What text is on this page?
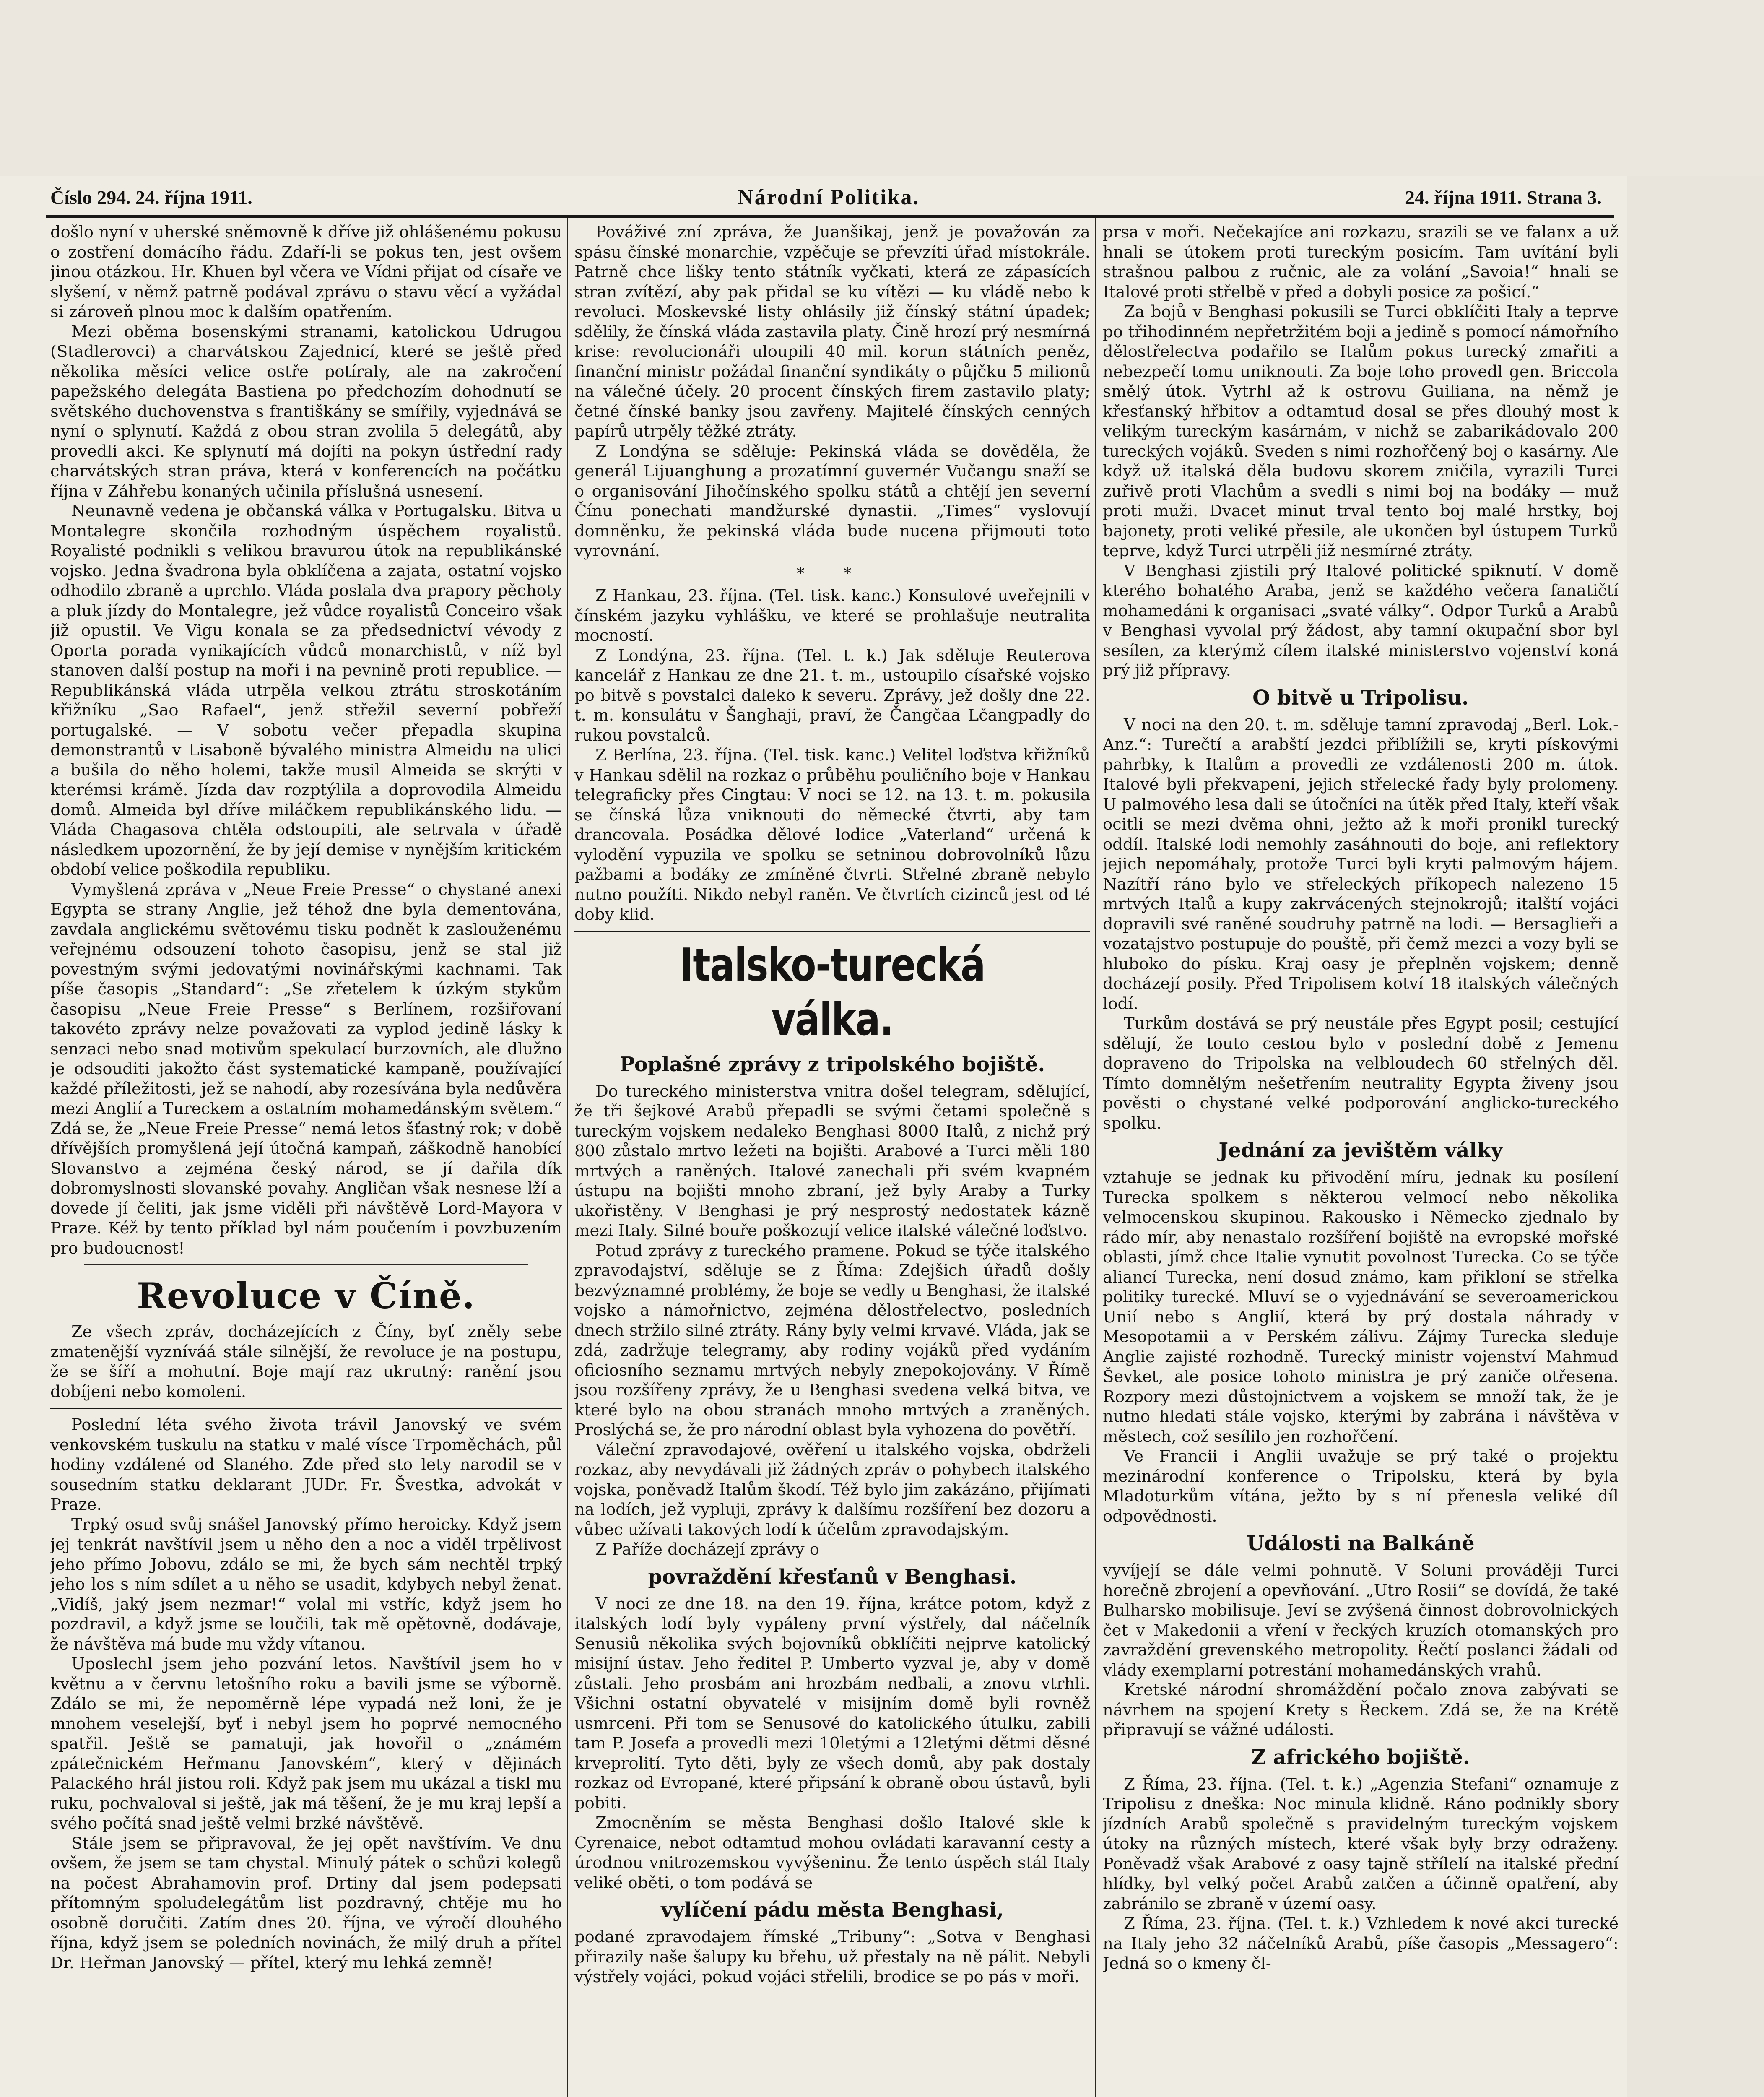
Číslo 294. 24. října 1911.	Národní Politika.	24. října 1911. Strana 3.

došlo nyní v uherské sněmovně k dříve již ohlášenému pokusu o zostření domácího řádu. Zdaří-li se pokus ten, jest ovšem jinou otázkou. Hr. Khuen byl včera ve Vídni přijat od císaře ve slyšení, v němž patrně podával zprávu o stavu věcí a vyžádal si zároveň plnou moc k dalším opatřením.

Mezi oběma bosenskými stranami, katolickou Udrugou (Stadlerovci) a charvátskou Zajednicí, které se ještě před několika měsíci velice ostře potíraly, ale na zakročení papežského delegáta Bastiena po předchozím dohodnutí se světského duchovenstva s františkány se smířily, vyjednává se nyní o splynutí. Každá z obou stran zvolila 5 delegátů, aby provedli akci. Ke splynutí má dojíti na pokyn ústřední rady charvátských stran práva, která v konferencích na počátku října v Záhřebu konaných učinila příslušná usnesení.

Neunavně vedena je občanská válka v Portugalsku. Bitva u Montalegre skončila rozhodným úspěchem royalistů. Royalisté podnikli s velikou bravurou útok na republikánské vojsko. Jedna švadrona byla obklíčena a zajata, ostatní vojsko odhodilo zbraně a uprchlo. Vláda poslala dva prapory pěchoty a pluk jízdy do Montalegre, jež vůdce royalistů Conceiro však již opustil. Ve Vigu konala se za předsednictví vévody z Oporta porada vynikajících vůdců monarchistů, v níž byl stanoven další postup na moři i na pevnině proti republice. — Republikánská vláda utrpěla velkou ztrátu stroskotáním křižníku „Sao Rafael“, jenž střežil severní pobřeží portugalské. — V sobotu večer přepadla skupina demonstrantů v Lisaboně bývalého ministra Almeidu na ulici a bušila do něho holemi, takže musil Almeida se skrýti v kterémsi krámě. Jízda dav rozptýlila a doprovodila Almeidu domů. Almeida byl dříve miláčkem republikánského lidu. — Vláda Chagasova chtěla odstoupiti, ale setrvala v úřadě následkem upozornění, že by její demise v nynějším kritickém období velice poškodila republiku.

Vymyšlená zpráva v „Neue Freie Presse“ o chystané anexi Egypta se strany Anglie, jež téhož dne byla dementována, zavdala anglickému světovému tisku podnět k zaslouženému veřejnému odsouzení tohoto časopisu, jenž se stal již povestným svými jedovatými novinářskými kachnami. Tak píše časopis „Standard“: „Se zřetelem k úzkým stykům časopisu „Neue Freie Presse“ s Berlínem, rozšiřovaní takovéto zprávy nelze považovati za vyplod jedině lásky k senzaci nebo snad motivům spekulací burzovních, ale dlužno je odsouditi jakožto část systematické kampaně, používající každé příležitosti, jež se nahodí, aby rozesívána byla nedůvěra mezi Anglií a Tureckem a ostatním mohamedánským světem.“ Zdá se, že „Neue Freie Presse“ nemá letos šťastný rok; v době dřívějších promyšlená její útočná kampaň, záškodně hanobící Slovanstvo a zejména český národ, se jí dařila dík dobromyslnosti slovanské povahy. Angličan však nesnese lží a dovede jí čeliti, jak jsme viděli při návštěvě Lord-Mayora v Praze. Kéž by tento příklad byl nám poučením i povzbuzením pro budoucnost!

Revoluce v Číně.

Ze všech zpráv, docházejících z Číny, byť zněly sebe zmatenější vyzníváá stále silnější, že revoluce je na postupu, že se šíří a mohutní. Boje mají raz ukrutný: ranění jsou dobíjeni nebo komoleni.

Poslední léta svého života trávil Janovský ve svém venkovském tuskulu na statku v malé vísce Trpoměchách, půl hodiny vzdálené od Slaného. Zde před sto lety narodil se v sousedním statku deklarant JUDr. Fr. Švestka, advokát v Praze.

Trpký osud svůj snášel Janovský přímo heroicky. Když jsem jej tenkrát navštívil jsem u něho den a noc a viděl trpělivost jeho přímo Jobovu, zdálo se mi, že bych sám nechtěl trpký jeho los s ním sdílet a u něho se usadit, kdybych nebyl ženat. „Vidíš, jaký jsem nezmar!“ volal mi vstříc, když jsem ho pozdravil, a když jsme se loučili, tak mě opětovně, dodávaje, že návštěva má bude mu vždy vítanou.

Uposlechl jsem jeho pozvání letos. Navštívil jsem ho v květnu a v červnu letošního roku a bavili jsme se výborně. Zdálo se mi, že nepoměrně lépe vypadá než loni, že je mnohem veselejší, byť i nebyl jsem ho poprvé nemocného spatřil. Ještě se pamatuji, jak hovořil o „známém zpátečnickém Heřmanu Janovském“, který v dějinách Palackého hrál jistou roli. Když pak jsem mu ukázal a tiskl mu ruku, pochvaloval si ještě, jak má těšení, že je mu kraj lepší a svého počítá snad ještě velmi brzké návštěvě.

Stále jsem se připravoval, že jej opět navštívím. Ve dnu ovšem, že jsem se tam chystal. Minulý pátek o schůzi kolegů na počest Abrahamovin prof. Drtiny dal jsem podepsati přítomným spoludelegátům list pozdravný, chtěje mu ho osobně doručiti. Zatím dnes 20. října, ve výročí dlouhého října, když jsem se poledních novinách, že milý druh a přítel Dr. Heřman Janovský — přítel, který mu lehká zemně!

Pováživé zní zpráva, že Juanšikaj, jenž je považován za spásu čínské monarchie, vzpěčuje se převzíti úřad místokrále. Patrně chce lišky tento státník vyčkati, která ze zápasících stran zvítězí, aby pak přidal se ku vítězi — ku vládě nebo k revoluci. Moskevské listy ohlásily již čínský státní úpadek; sdělily, že čínská vláda zastavila platy. Čině hrozí prý nesmírná krise: revolucionáři uloupili 40 mil. korun státních peněz, finanční ministr požádal finanční syndikáty o půjčku 5 milionů na válečné účely. 20 procent čínských firem zastavilo platy; četné čínské banky jsou zavřeny. Majitelé čínských cenných papírů utrpěly těžké ztráty.

Z Londýna se sděluje: Pekinská vláda se dověděla, že generál Lijuanghung a prozatímní guvernér Vučangu snaží se o organisování Jihočínského spolku států a chtějí jen severní Čínu ponechati mandžurské dynastii. „Times“ vyslovují domněnku, že pekinská vláda bude nucena přijmouti toto vyrovnání.

* *

Z Hankau, 23. října. (Tel. tisk. kanc.) Konsulové uveřejnili v čínském jazyku vyhlášku, ve které se prohlašuje neutralita mocností.

Z Londýna, 23. října. (Tel. t. k.) Jak sděluje Reuterova kancelář z Hankau ze dne 21. t. m., ustoupilo císařské vojsko po bitvě s povstalci daleko k severu. Zprávy, jež došly dne 22. t. m. konsulátu v Šanghaji, praví, že Čangčaa Lčangpadly do rukou povstalců.

Z Berlína, 23. října. (Tel. tisk. kanc.) Velitel loďstva křižníků v Hankau sdělil na rozkaz o průběhu pouličního boje v Hankau telegraficky přes Cingtau: V noci se 12. na 13. t. m. pokusila se čínská lůza vniknouti do německé čtvrti, aby tam drancovala. Posádka dělové lodice „Vaterland“ určená k vylodění vypuzila ve spolku se setninou dobrovolníků lůzu pažbami a bodáky ze zmíněné čtvrti. Střelné zbraně nebylo nutno použíti. Nikdo nebyl raněn. Ve čtvrtích cizinců jest od té doby klid.

Italsko-turecká válka.
Poplašné zprávy z tripolského bojiště.

Do tureckého ministerstva vnitra došel telegram, sdělující, že tři šejkové Arabů přepadli se svými četami společně s tureckým vojskem nedaleko Benghasi 8000 Italů, z nichž prý 800 zůstalo mrtvo ležeti na bojišti. Arabové a Turci měli 180 mrtvých a raněných. Italové zanechali při svém kvapném ústupu na bojišti mnoho zbraní, jež byly Araby a Turky ukořistěny. V Benghasi je prý nesprostý nedostatek kázně mezi Italy. Silné bouře poškozují velice italské válečné loďstvo.

Potud zprávy z tureckého pramene. Pokud se týče italského zpravodajství, sděluje se z Říma: Zdejšich úřadů došly bezvýznamné problémy, že boje se vedly u Benghasi, že italské vojsko a námořnictvo, zejména dělostřelectvo, posledních dnech stržilo silné ztráty. Rány byly velmi krvavé. Vláda, jak se zdá, zadržuje telegramy, aby rodiny vojáků před vydáním oficiosního seznamu mrtvých nebyly znepokojovány. V Římě jsou rozšířeny zprávy, že u Benghasi svedena velká bitva, ve které bylo na obou stranách mnoho mrtvých a zraněných. Proslýchá se, že pro národní oblast byla vyhozena do povětří.

Váleční zpravodajové, ověření u italského vojska, obdrželi rozkaz, aby nevydávali již žádných zpráv o pohybech italského vojska, poněvadž Italům škodí. Též bylo jim zakázáno, přijímati na lodích, jež vypluji, zprávy k dalšímu rozšíření bez dozoru a vůbec užívati takových lodí k účelům zpravodajským.

Z Paříže docházejí zprávy o

povraždění křesťanů v Benghasi.

V noci ze dne 18. na den 19. října, krátce potom, když z italských lodí byly vypáleny první výstřely, dal náčelník Senusiů několika svých bojovníků obklíčiti nejprve katolický misijní ústav. Jeho ředitel P. Umberto vyzval je, aby v domě zůstali. Jeho prosbám ani hrozbám nedbali, a znovu vtrhli. Všichni ostatní obyvatelé v misijním domě byli rovněž usmrceni. Při tom se Senusové do katolického útulku, zabili tam P. Josefa a provedli mezi 10letými a 12letými dětmi děsné krveprolití. Tyto děti, byly ze všech domů, aby pak dostaly rozkaz od Evropané, které připsání k obraně obou ústavů, byli pobiti.

Zmocněním se města Benghasi došlo Italové skle k Cyrenaice, nebot odtamtud mohou ovládati karavanní cesty a úrodnou vnitrozemskou vyvýšeninu. Že tento úspěch stál Italy veliké oběti, o tom podává se

vylíčení pádu města Benghasi,

podané zpravodajem římské „Tribuny“: „Sotva v Benghasi přirazily naše šalupy ku břehu, už přestaly na ně pálit. Nebyli výstřely vojáci, pokud vojáci střelili, brodice se po pás v moři.

prsa v moři. Nečekajíce ani rozkazu, srazili se ve falanx a už hnali se útokem proti tureckým posicím. Tam uvítání byli strašnou palbou z ručnic, ale za volání „Savoia!“ hnali se Italové proti střelbě v před a dobyli posice za pošicí.“

Za bojů v Benghasi pokusili se Turci obklíčiti Italy a teprve po třihodinném nepřetržitém boji a jedině s pomocí námořního dělostřelectva podařilo se Italům pokus turecký zmařiti a nebezpečí tomu uniknouti. Za boje toho provedl gen. Briccola smělý útok. Vytrhl až k ostrovu Guiliana, na němž je křesťanský hřbitov a odtamtud dosal se přes dlouhý most k velikým tureckým kasárnám, v nichž se zabarikádovalo 200 tureckých vojáků. Sveden s nimi rozhořčený boj o kasárny. Ale když už italská děla budovu skorem zničila, vyrazili Turci zuřivě proti Vlachům a svedli s nimi boj na bodáky — muž proti muži. Dvacet minut trval tento boj malé hrstky, boj bajonety, proti veliké přesile, ale ukončen byl ústupem Turků teprve, když Turci utrpěli již nesmírné ztráty.

V Benghasi zjistili prý Italové politické spiknutí. V domě kterého bohatého Araba, jenž se každého večera fanatičtí mohamedáni k organisaci „svaté války“. Odpor Turků a Arabů v Benghasi vyvolal prý žádost, aby tamní okupační sbor byl sesílen, za kterýmž cílem italské ministerstvo vojenství koná prý již přípravy.

O bitvě u Tripolisu.

V noci na den 20. t. m. sděluje tamní zpravodaj „Berl. Lok.-Anz.“: Turečtí a arabští jezdci přiblížili se, kryti pískovými pahrbky, k Italům a provedli ze vzdálenosti 200 m. útok. Italové byli překvapeni, jejich střelecké řady byly prolomeny. U palmového lesa dali se útočníci na útěk před Italy, kteří však ocitli se mezi dvěma ohni, ježto až k moři pronikl turecký oddíl. Italské lodi nemohly zasáhnouti do boje, ani reflektory jejich nepomáhaly, protože Turci byli kryti palmovým hájem. Nazítří ráno bylo ve střeleckých příkopech nalezeno 15 mrtvých Italů a kupy zakrvácených stejnokrojů; italští vojáci dopravili své raněné soudruhy patrně na lodi. — Bersaglieři a vozatajstvo postupuje do pouště, při čemž mezci a vozy byli se hluboko do písku. Kraj oasy je přeplněn vojskem; denně docházejí posily. Před Tripolisem kotví 18 italských válečných lodí.

Turkům dostává se prý neustále přes Egypt posil; cestující sdělují, že touto cestou bylo v poslední době z Jemenu dopraveno do Tripolska na velbloudech 60 střelných děl. Tímto domnělým nešetřením neutrality Egypta živeny jsou pověsti o chystané velké podporování anglicko-tureckého spolku.

Jednání za jevištěm války

vztahuje se jednak ku přivodění míru, jednak ku posílení Turecka spolkem s některou velmocí nebo několika velmocenskou skupinou. Rakousko i Německo zjednalo by rádo mír, aby nenastalo rozšíření bojiště na evropské mořské oblasti, jímž chce Italie vynutit povolnost Turecka. Co se týče aliancí Turecka, není dosud známo, kam přikloní se střelka politiky turecké. Mluví se o vyjednávání se severoamerickou Unií nebo s Anglií, která by prý dostala náhrady v Mesopotamii a v Perském zálivu. Zájmy Turecka sleduje Anglie zajisté rozhodně. Turecký ministr vojenství Mahmud Ševket, ale posice tohoto ministra je prý zaniče otřesena. Rozpory mezi důstojnictvem a vojskem se množí tak, že je nutno hledati stále vojsko, kterými by zabrána i návštěva v městech, což sesílilo jen rozhořčení.

Ve Francii i Anglii uvažuje se prý také o projektu mezinárodní konference o Tripolsku, která by byla Mladoturkům vítána, ježto by s ní přenesla veliké díl odpovědnosti.

Události na Balkáně

vyvíjejí se dále velmi pohnutě. V Soluni prováději Turci horečně zbrojení a opevňování. „Utro Rosii“ se dovídá, že také Bulharsko mobilisuje. Jeví se zvýšená činnost dobrovolnických čet v Makedonii a vření v řeckých kruzích otomanských pro zavraždění grevenského metropolity. Řečtí poslanci žádali od vlády exemplarní potrestání mohamedánských vrahů.

Kretské národní shromáždění počalo znova zabývati se návrhem na spojení Krety s Řeckem. Zdá se, že na Krétě připravují se vážné události.

Z afrického bojiště.

Z Říma, 23. října. (Tel. t. k.) „Agenzia Stefani“ oznamuje z Tripolisu z dneška: Noc minula klidně. Ráno podnikly sbory jízdních Arabů společně s pravidelným tureckým vojskem útoky na různých místech, které však byly brzy odraženy. Poněvadž však Arabové z oasy tajně střílelí na italské přední hlídky, byl velký počet Arabů zatčen a účinně opatření, aby zabránilo se zbraně v území oasy.

Z Říma, 23. října. (Tel. t. k.) Vzhledem k nové akci turecké na Italy jeho 32 náčelníků Arabů, píše časopis „Messagero“: Jedná so o kmeny čl-
